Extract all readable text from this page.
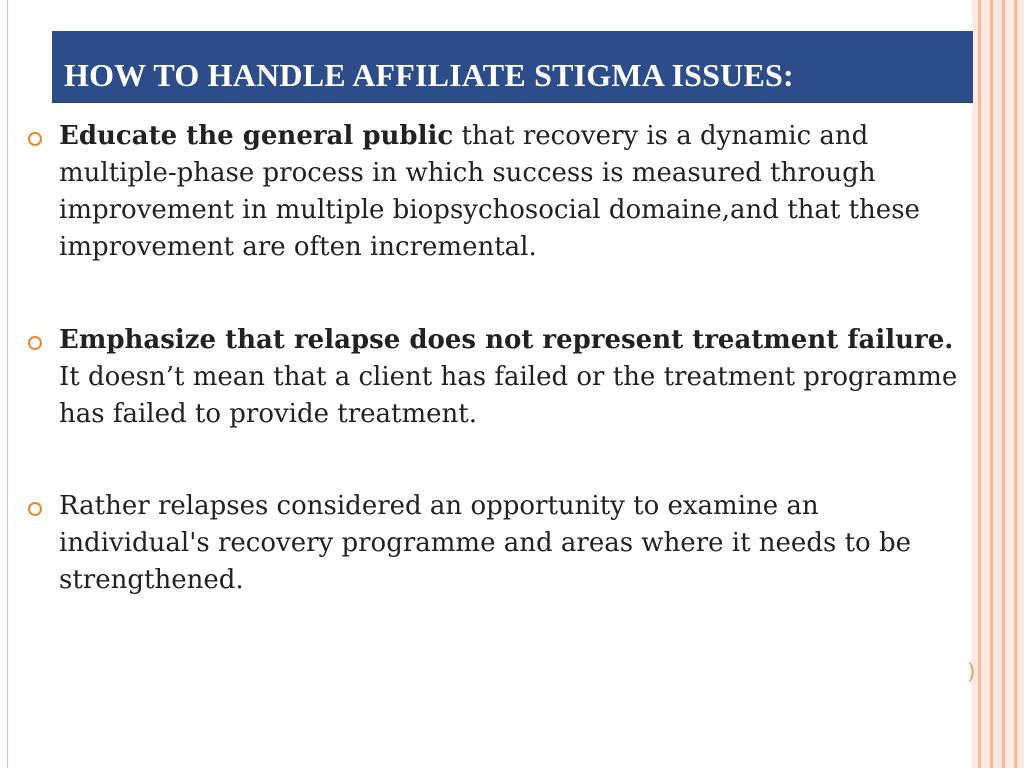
HOW TO HANDLE AFFILIATE STIGMA ISSUES:
Educate the general public that recovery is a dynamic and multiple-phase process in which success is measured through improvement in multiple biopsychosocial domaine,and that these improvement are often incremental.
Emphasize that relapse does not represent treatment failure. It doesn’t mean that a client has failed or the treatment programme has failed to provide treatment.
Rather relapses considered an opportunity to examine an individual's recovery programme and areas where it needs to be strengthened.
)
